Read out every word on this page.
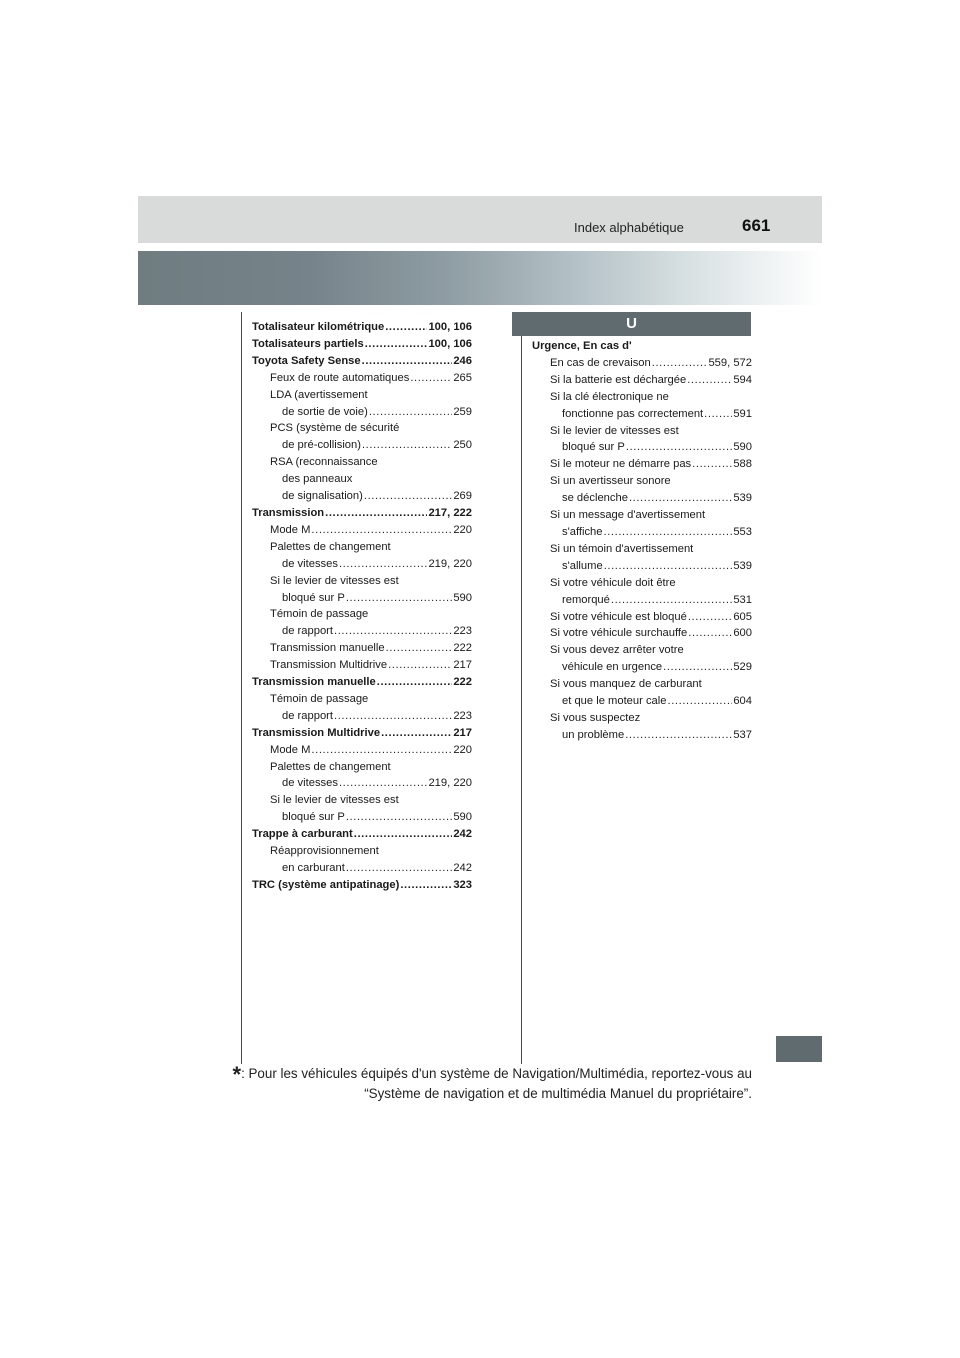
Index alphabétique	661
Totalisateur kilométrique .....	100, 106
Totalisateurs partiels .....	100, 106
Toyota Safety Sense .....	246
Feux de route automatiques .....	265
LDA (avertissement
de sortie de voie) .....	259
PCS (système de sécurité
de pré-collision) .....	250
RSA (reconnaissance
des panneaux
de signalisation) .....	269
Transmission .....	217, 222
Mode M .....	220
Palettes de changement
de vitesses .....	219, 220
Si le levier de vitesses est
bloqué sur P .....	590
Témoin de passage
de rapport .....	223
Transmission manuelle .....	222
Transmission Multidrive .....	217
Transmission manuelle .....	222
Témoin de passage
de rapport .....	223
Transmission Multidrive .....	217
Mode M .....	220
Palettes de changement
de vitesses .....	219, 220
Si le levier de vitesses est
bloqué sur P .....	590
Trappe à carburant .....	242
Réapprovisionnement
en carburant .....	242
TRC (système antipatinage) .....	323
U
Urgence, En cas d'
En cas de crevaison .....	559, 572
Si la batterie est déchargée .....	594
Si la clé électronique ne
fonctionne pas correctement .....	591
Si le levier de vitesses est
bloqué sur P .....	590
Si le moteur ne démarre pas .....	588
Si un avertisseur sonore
se déclenche .....	539
Si un message d'avertissement
s'affiche .....	553
Si un témoin d'avertissement
s'allume .....	539
Si votre véhicule doit être
remorqué .....	531
Si votre véhicule est bloqué .....	605
Si votre véhicule surchauffe .....	600
Si vous devez arrêter votre
véhicule en urgence .....	529
Si vous manquez de carburant
et que le moteur cale .....	604
Si vous suspectez
un problème .....	537
*: Pour les véhicules équipés d'un système de Navigation/Multimédia, reportez-vous au
“Système de navigation et de multimédia Manuel du propriétaire”.
